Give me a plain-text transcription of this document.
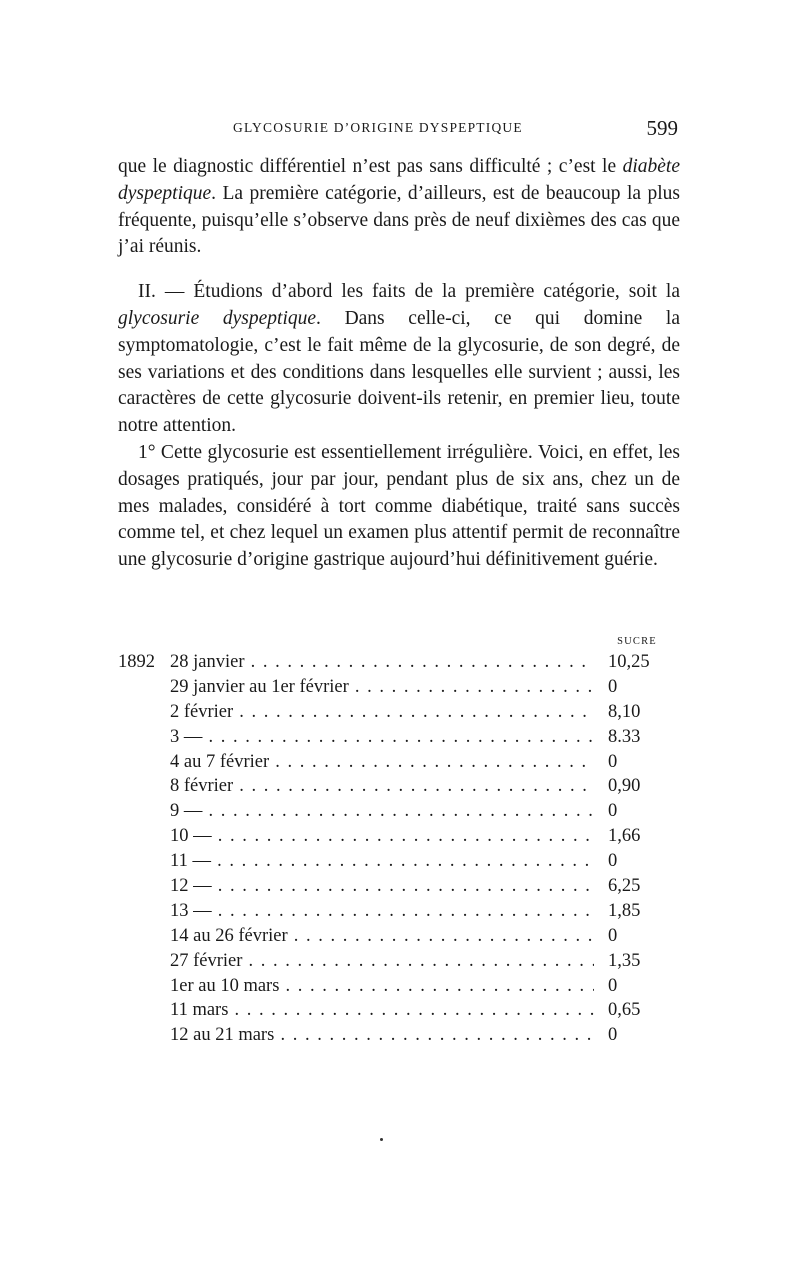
GLYCOSURIE D’ORIGINE DYSPEPTIQUE	599

que le diagnostic différentiel n’est pas sans difficulté ; c’est le diabète dyspeptique. La première catégorie, d’ailleurs, est de beaucoup la plus fréquente, puisqu’elle s’observe dans près de neuf dixièmes des cas que j’ai réunis.

II. — Étudions d’abord les faits de la première catégorie, soit la glycosurie dyspeptique. Dans celle-ci, ce qui domine la symptomatologie, c’est le fait même de la glycosurie, de son degré, de ses variations et des conditions dans lesquelles elle survient ; aussi, les caractères de cette glycosurie doivent-ils retenir, en premier lieu, toute notre attention.

1° Cette glycosurie est essentiellement irrégulière. Voici, en effet, les dosages pratiqués, jour par jour, pendant plus de six ans, chez un de mes malades, considéré à tort comme diabétique, traité sans succès comme tel, et chez lequel un examen plus attentif permit de reconnaître une glycosurie d’origine gastrique aujourd’hui définitivement guérie.

SUCRE
1892 28 janvier . . .	10,25
29 janvier au 1er février . . .	0
2 février . . .	8,10
3 — . . .	8.33
4 au 7 février . . .	0
8 février . . .	0,90
9 — . . .	0
10 — . . .	1,66
11 — . . .	0
12 — . . .	6,25
13 — . . .	1,85
14 au 26 février . . .	0
27 février . . .	1,35
1er au 10 mars . . .	0
11 mars . . .	0,65
12 au 21 mars . . .	0
